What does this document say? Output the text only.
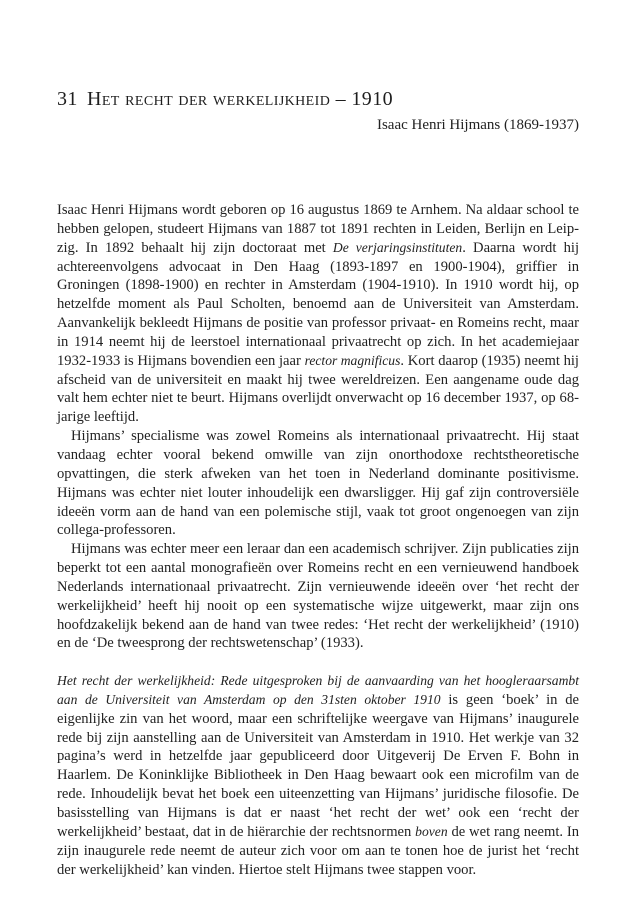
31 Het recht der werkelijkheid – 1910
Isaac Henri Hijmans (1869-1937)

Isaac Henri Hijmans wordt geboren op 16 augustus 1869 te Arnhem. Na aldaar school te hebben gelopen, studeert Hijmans van 1887 tot 1891 rechten in Leiden, Berlijn en Leipzig. In 1892 behaalt hij zijn doctoraat met De verjaringsinstituten. Daarna wordt hij achtereenvolgens advocaat in Den Haag (1893-1897 en 1900-1904), griffier in Groningen (1898-1900) en rechter in Amsterdam (1904-1910). In 1910 wordt hij, op hetzelfde moment als Paul Scholten, benoemd aan de Universiteit van Amsterdam. Aanvankelijk bekleedt Hijmans de positie van professor privaat- en Romeins recht, maar in 1914 neemt hij de leerstoel internationaal privaatrecht op zich. In het academiejaar 1932-1933 is Hijmans bovendien een jaar rector magnificus. Kort daarop (1935) neemt hij afscheid van de universiteit en maakt hij twee wereldreizen. Een aangename oude dag valt hem echter niet te beurt. Hijmans overlijdt onverwacht op 16 december 1937, op 68-jarige leeftijd.

Hijmans’ specialisme was zowel Romeins als internationaal privaatrecht. Hij staat vandaag echter vooral bekend omwille van zijn onorthodoxe rechtstheoretische opvattingen, die sterk afweken van het toen in Nederland dominante positivisme. Hijmans was echter niet louter inhoudelijk een dwarsligger. Hij gaf zijn controversiële ideeën vorm aan de hand van een polemische stijl, vaak tot groot ongenoegen van zijn collega-professoren.

Hijmans was echter meer een leraar dan een academisch schrijver. Zijn publicaties zijn beperkt tot een aantal monografieën over Romeins recht en een vernieuwend handboek Nederlands internationaal privaatrecht. Zijn vernieuwende ideeën over ‘het recht der werkelijkheid’ heeft hij nooit op een systematische wijze uitgewerkt, maar zijn ons hoofdzakelijk bekend aan de hand van twee redes: ‘Het recht der werkelijkheid’ (1910) en de ‘De tweesprong der rechtswetenschap’ (1933).

Het recht der werkelijkheid: Rede uitgesproken bij de aanvaarding van het hoogleraarsambt aan de Universiteit van Amsterdam op den 31sten oktober 1910 is geen ‘boek’ in de eigenlijke zin van het woord, maar een schriftelijke weergave van Hijmans’ inaugurele rede bij zijn aanstelling aan de Universiteit van Amsterdam in 1910. Het werkje van 32 pagina’s werd in hetzelfde jaar gepubliceerd door Uitgeverij De Erven F. Bohn in Haarlem. De Koninklijke Bibliotheek in Den Haag bewaart ook een microfilm van de rede. Inhoudelijk bevat het boek een uiteenzetting van Hijmans’ juridische filosofie. De basisstelling van Hijmans is dat er naast ‘het recht der wet’ ook een ‘recht der werkelijkheid’ bestaat, dat in de hiërarchie der rechtsnormen boven de wet rang neemt. In zijn inaugurele rede neemt de auteur zich voor om aan te tonen hoe de jurist het ‘recht der werkelijkheid’ kan vinden. Hiertoe stelt Hijmans twee stappen voor.
